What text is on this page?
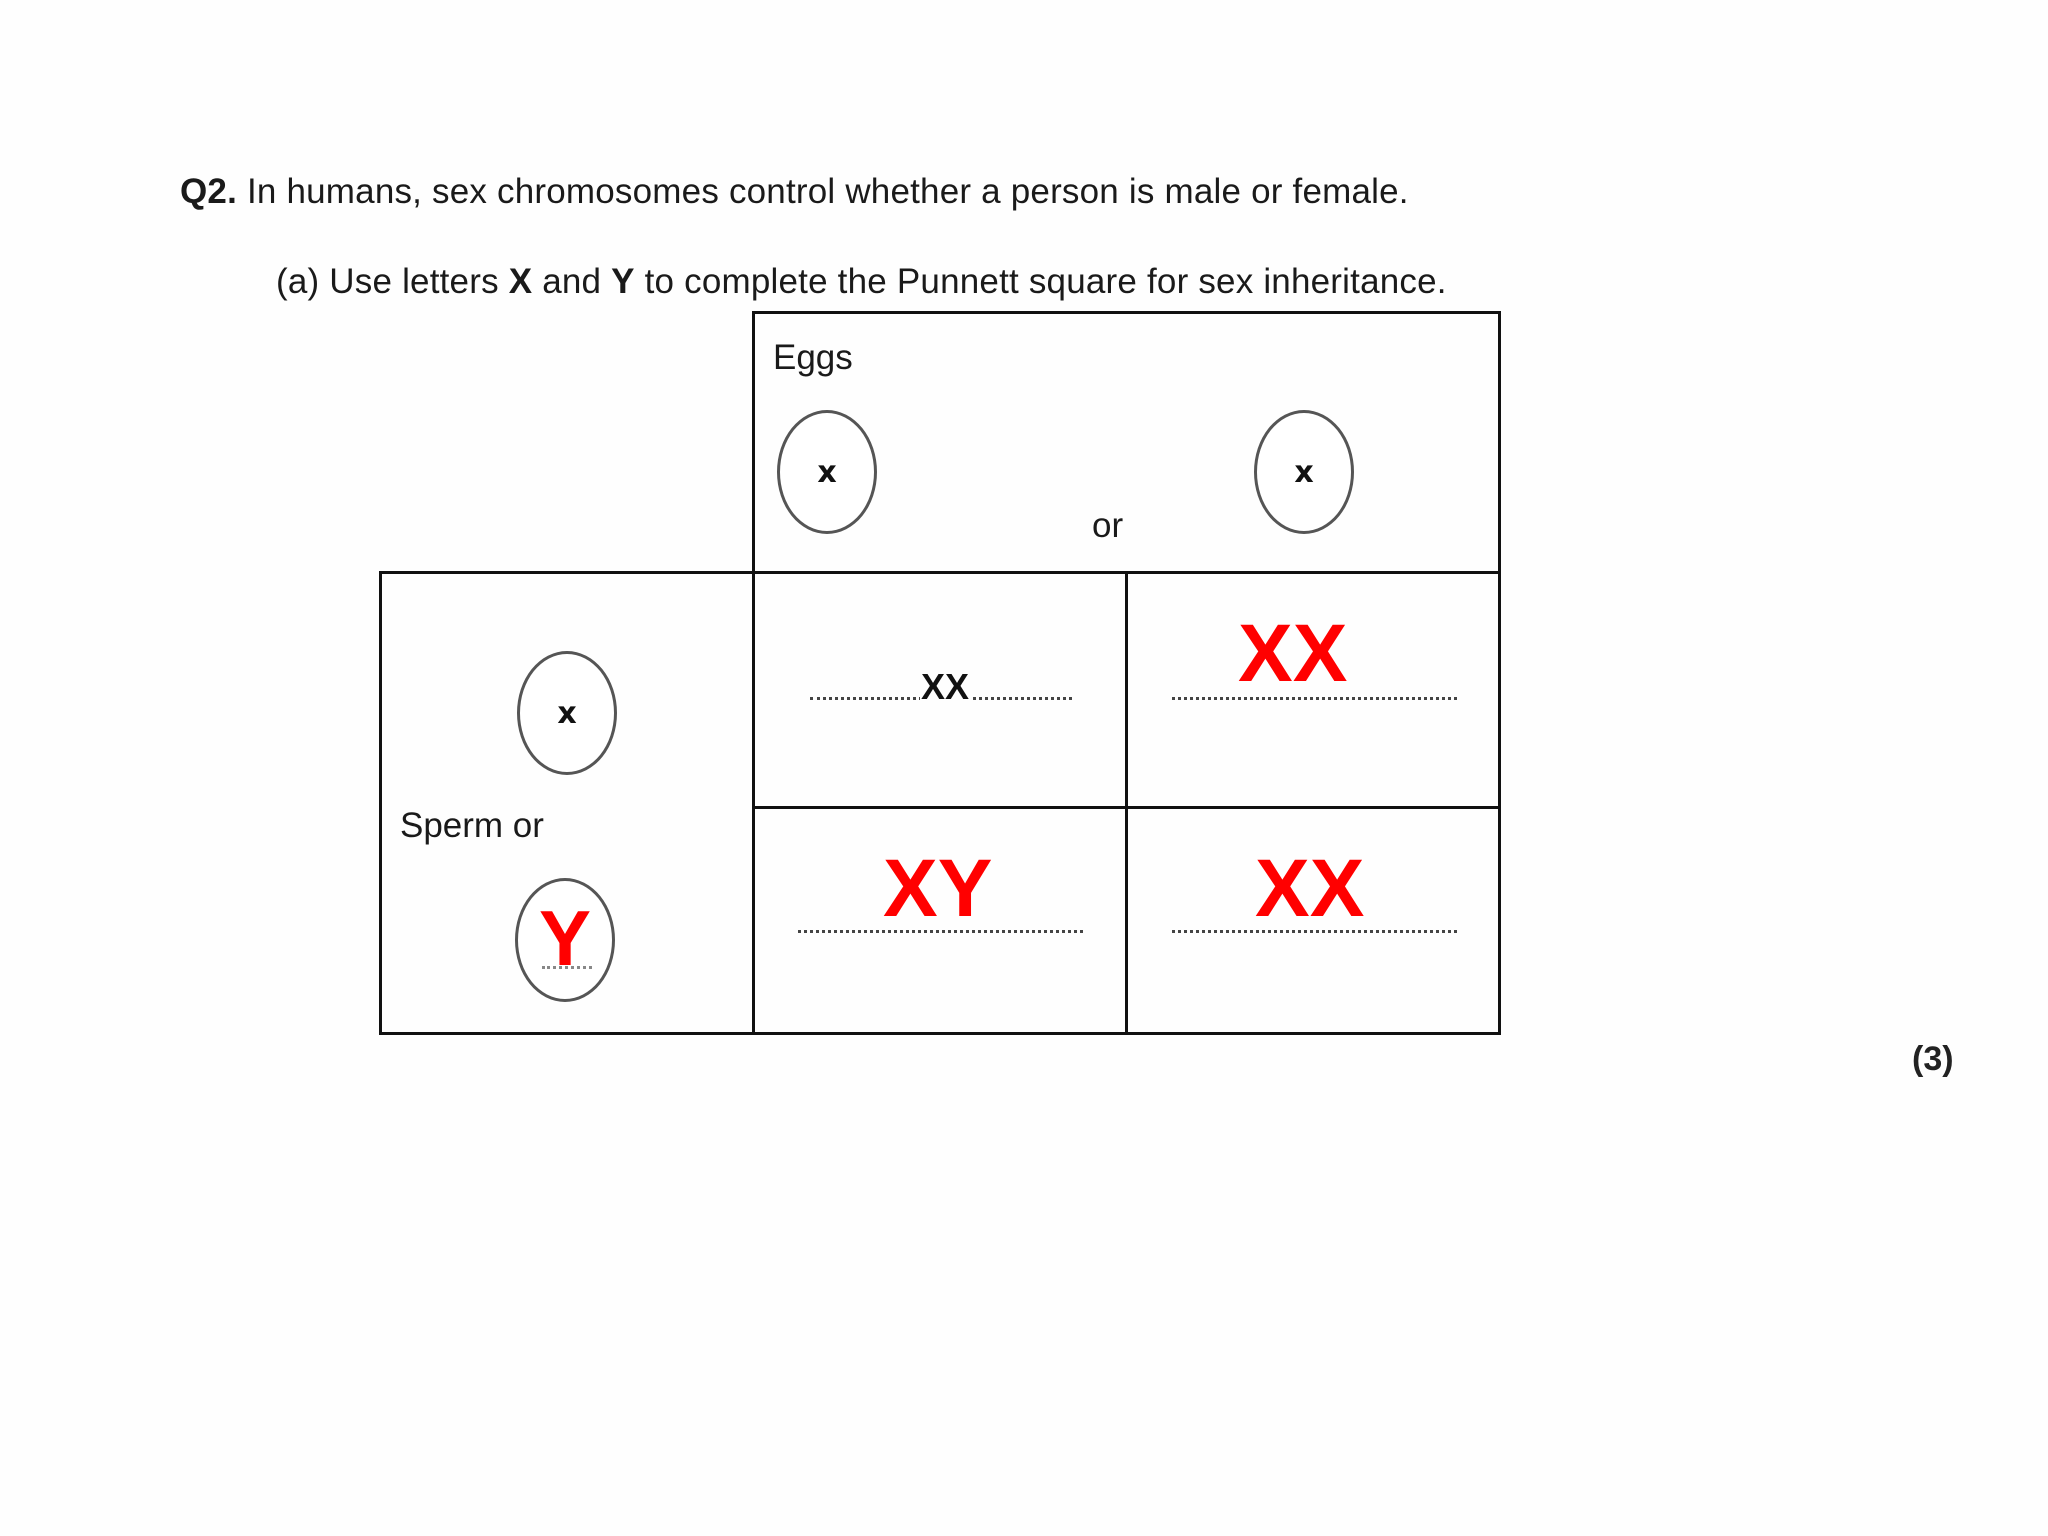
Q2. In humans, sex chromosomes control whether a person is male or female.
(a) Use letters X and Y to complete the Punnett square for sex inheritance.
Eggs
x
or
x
x
Sperm or
Y
XX	XX
XY	XX
(3)
